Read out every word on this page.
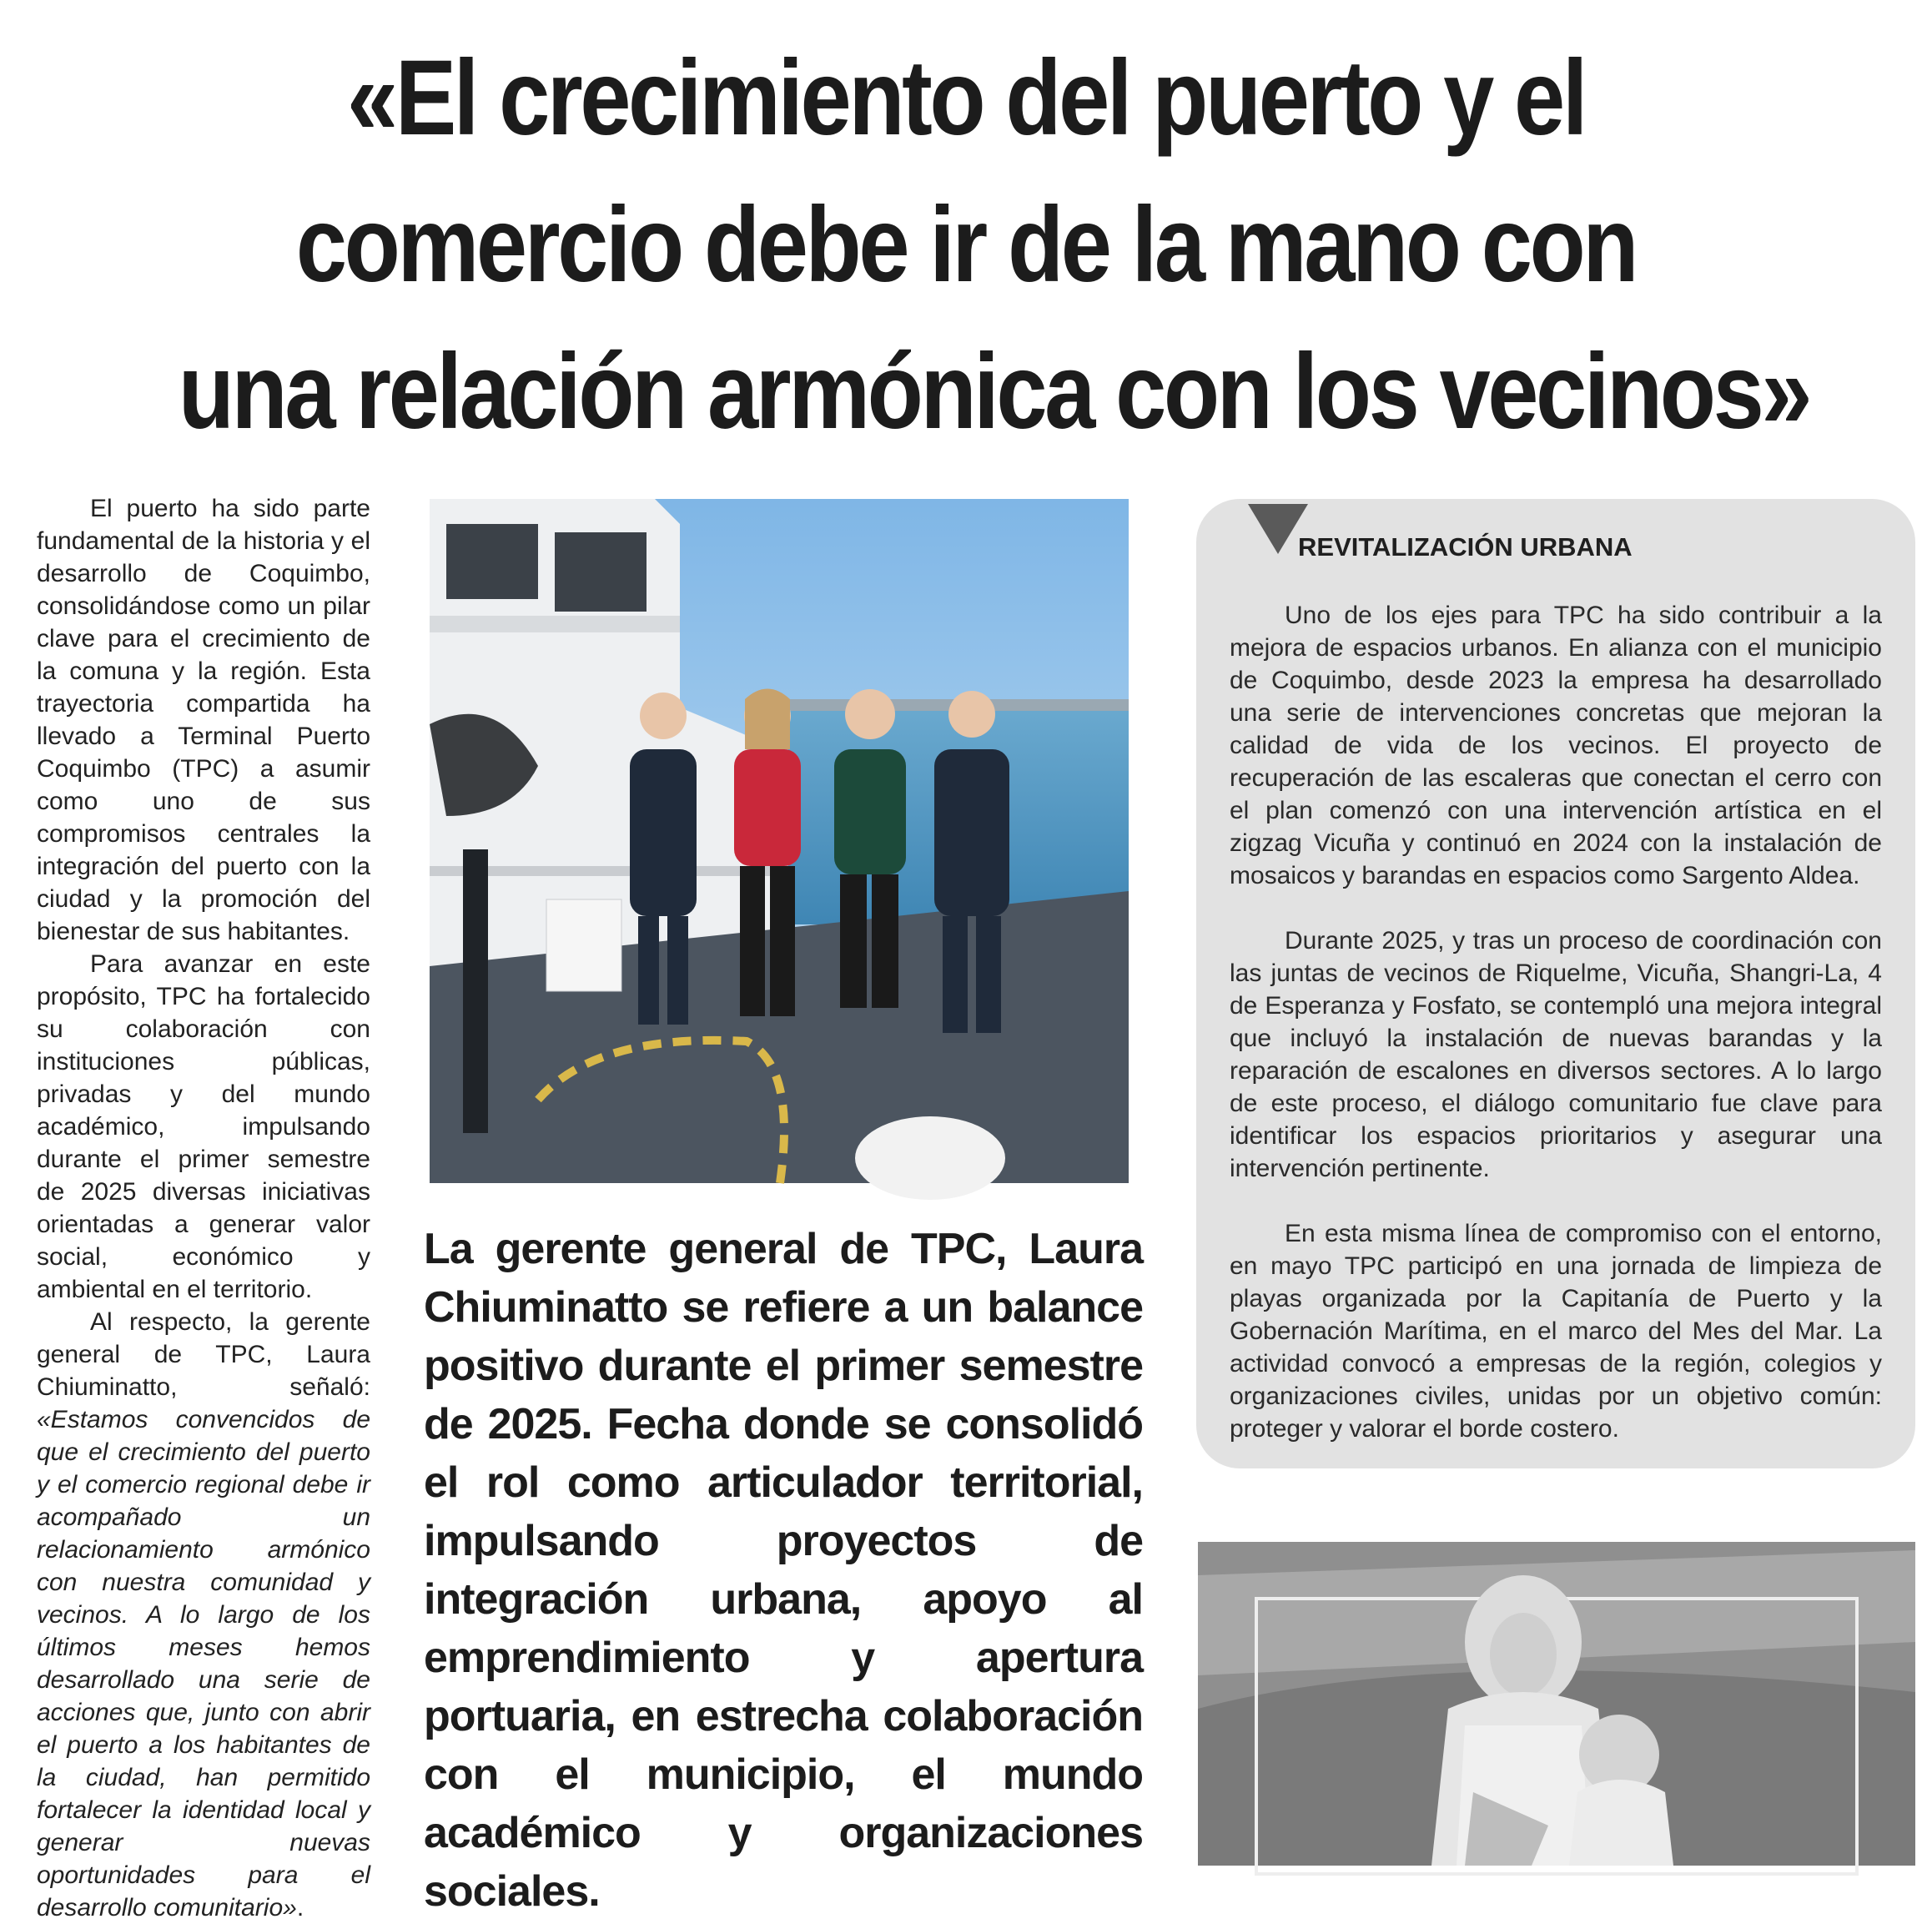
«El crecimiento del puerto y el
comercio debe ir de la mano con
una relación armónica con los vecinos»

El puerto ha sido parte fundamental de la historia y el desarrollo de Coquimbo, consolidándose como un pilar clave para el crecimiento de la comuna y la región. Esta trayectoria compartida ha llevado a Terminal Puerto Coquimbo (TPC) a asumir como uno de sus compromisos centrales la integración del puerto con la ciudad y la promoción del bienestar de sus habitantes.

Para avanzar en este propósito, TPC ha fortalecido su colaboración con instituciones públicas, privadas y del mundo académico, impulsando durante el primer semestre de 2025 diversas iniciativas orientadas a generar valor social, económico y ambiental en el territorio.

Al respecto, la gerente general de TPC, Laura Chiuminatto, señaló: «Estamos convencidos de que el crecimiento del puerto y el comercio regional debe ir acompañado un relacionamiento armónico con nuestra comunidad y vecinos. A lo largo de los últimos meses hemos desarrollado una serie de acciones que, junto con abrir el puerto a los habitantes de la ciudad, han permitido fortalecer la identidad local y generar nuevas oportunidades para el desarrollo comunitario».

La gerente general de TPC, Laura Chiuminatto se refiere a un balance positivo durante el primer semestre de 2025. Fecha donde se consolidó el rol como articulador territorial, impulsando proyectos de integración urbana, apoyo al emprendimiento y apertura portuaria, en estrecha colaboración con el municipio, el mundo académico y organizaciones sociales.

REVITALIZACIÓN URBANA

Uno de los ejes para TPC ha sido contribuir a la mejora de espacios urbanos. En alianza con el municipio de Coquimbo, desde 2023 la empresa ha desarrollado una serie de intervenciones concretas que mejoran la calidad de vida de los vecinos. El proyecto de recuperación de las escaleras que conectan el cerro con el plan comenzó con una intervención artística en el zigzag Vicuña y continuó en 2024 con la instalación de mosaicos y barandas en espacios como Sargento Aldea.

Durante 2025, y tras un proceso de coordinación con las juntas de vecinos de Riquelme, Vicuña, Shangri-La, 4 de Esperanza y Fosfato, se contempló una mejora integral que incluyó la instalación de nuevas barandas y la reparación de escalones en diversos sectores. A lo largo de este proceso, el diálogo comunitario fue clave para identificar los espacios prioritarios y asegurar una intervención pertinente.

En esta misma línea de compromiso con el entorno, en mayo TPC participó en una jornada de limpieza de playas organizada por la Capitanía de Puerto y la Gobernación Marítima, en el marco del Mes del Mar. La actividad convocó a empresas de la región, colegios y organizaciones civiles, unidas por un objetivo común: proteger y valorar el borde costero.
